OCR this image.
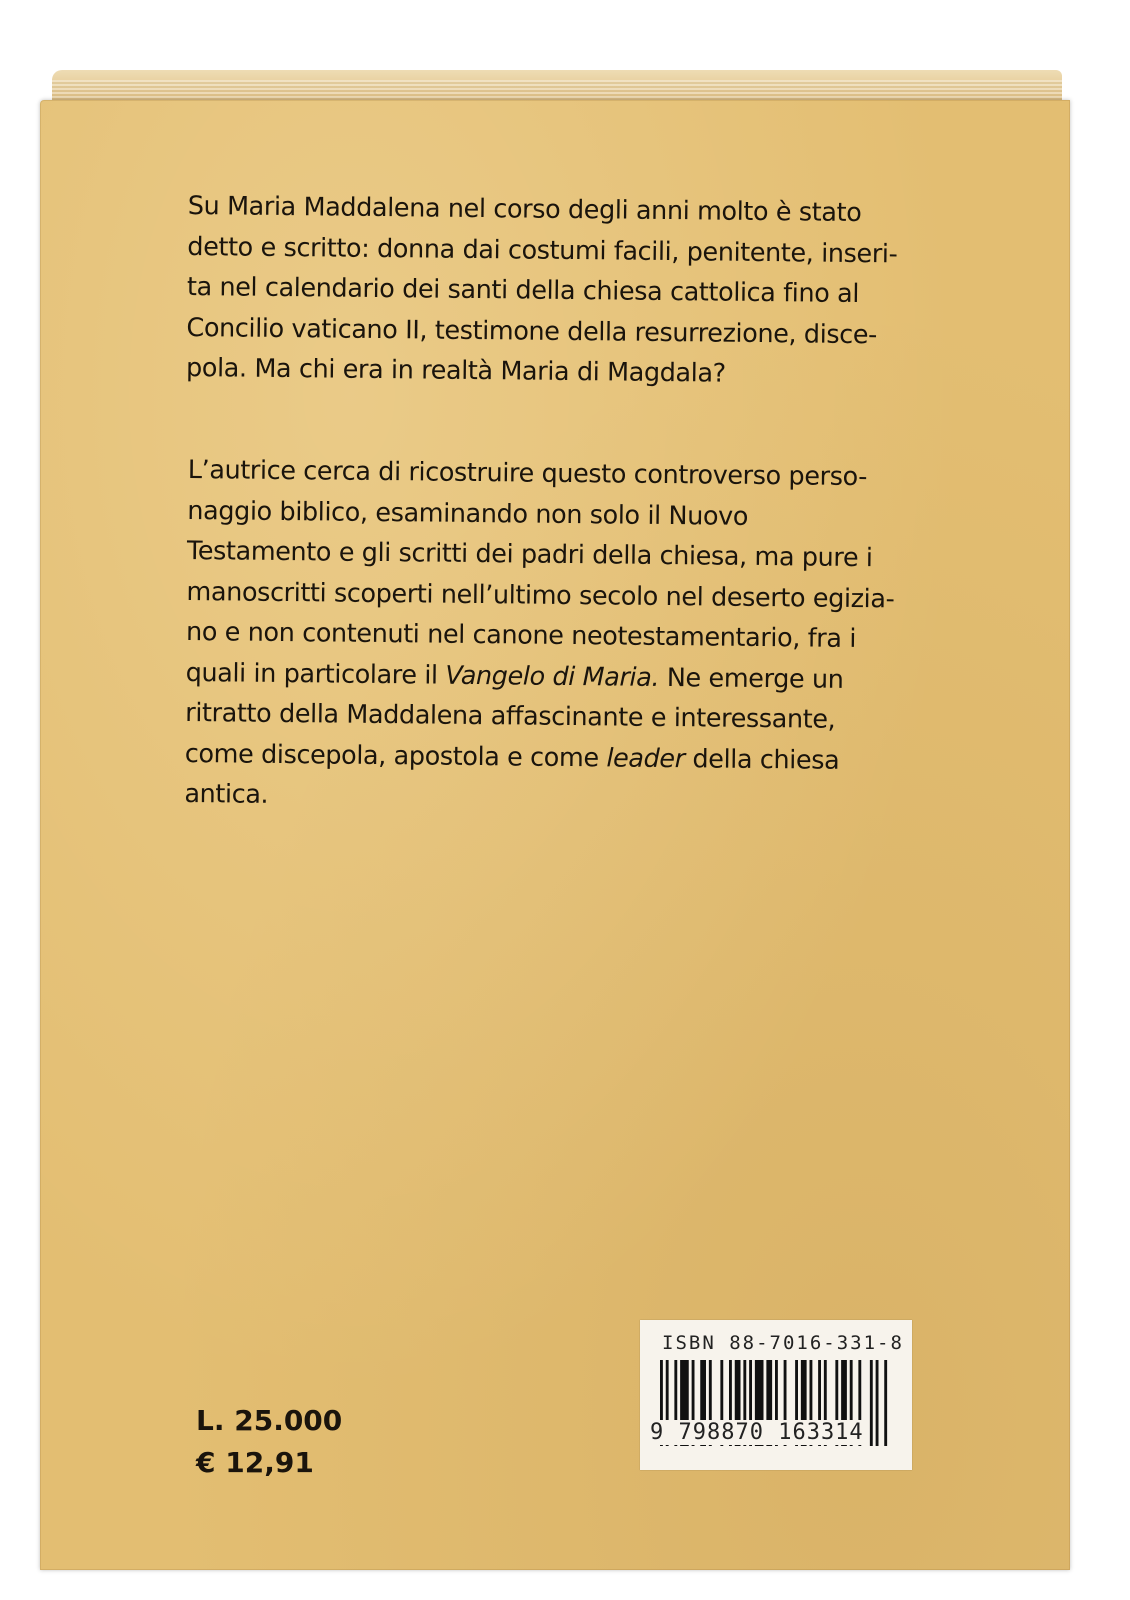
Su Maria Maddalena nel corso degli anni molto è stato
detto e scritto: donna dai costumi facili, penitente, inseri-
ta nel calendario dei santi della chiesa cattolica fino al
Concilio vaticano II, testimone della resurrezione, disce-
pola. Ma chi era in realtà Maria di Magdala?

L’autrice cerca di ricostruire questo controverso perso-
naggio biblico, esaminando non solo il Nuovo
Testamento e gli scritti dei padri della chiesa, ma pure i
manoscritti scoperti nell’ultimo secolo nel deserto egizia-
no e non contenuti nel canone neotestamentario, fra i
quali in particolare il Vangelo di Maria. Ne emerge un
ritratto della Maddalena affascinante e interessante,
come discepola, apostola e come leader della chiesa
antica.

L. 25.000
€ 12,91
ISBN 88-7016-331-8
9 798870 163314
